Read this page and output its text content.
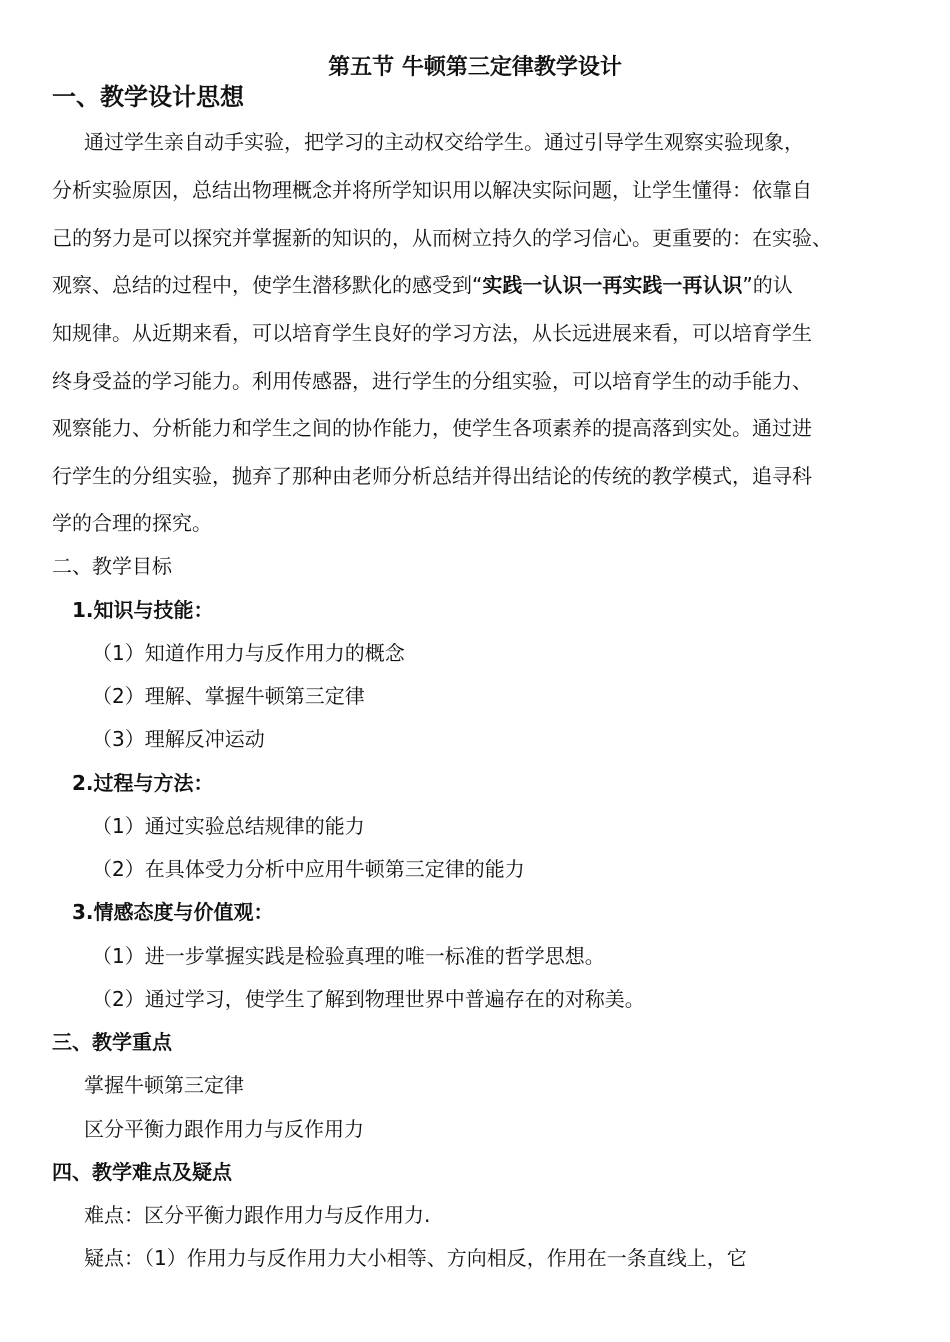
第五节 牛顿第三定律教学设计
一、教学设计思想
通过学生亲自动手实验，把学习的主动权交给学生。通过引导学生观察实验现象，
分析实验原因，总结出物理概念并将所学知识用以解决实际问题，让学生懂得：依靠自
己的努力是可以探究并掌握新的知识的，从而树立持久的学习信心。更重要的：在实验、
观察、总结的过程中，使学生潜移默化的感受到“实践一认识一再实践一再认识”的认
知规律。从近期来看，可以培育学生良好的学习方法，从长远进展来看，可以培育学生
终身受益的学习能力。利用传感器，进行学生的分组实验，可以培育学生的动手能力、
观察能力、分析能力和学生之间的协作能力，使学生各项素养的提高落到实处。通过进
行学生的分组实验，抛弃了那种由老师分析总结并得出结论的传统的教学模式，追寻科
学的合理的探究。
二、教学目标
1.知识与技能：
（1）知道作用力与反作用力的概念
（2）理解、掌握牛顿第三定律
（3）理解反冲运动
2.过程与方法：
（1）通过实验总结规律的能力
（2）在具体受力分析中应用牛顿第三定律的能力
3.情感态度与价值观：
（1）进一步掌握实践是检验真理的唯一标准的哲学思想。
（2）通过学习，使学生了解到物理世界中普遍存在的对称美。
三、教学重点
掌握牛顿第三定律
区分平衡力跟作用力与反作用力
四、教学难点及疑点
难点：区分平衡力跟作用力与反作用力.
疑点：（1）作用力与反作用力大小相等、方向相反，作用在一条直线上，它
